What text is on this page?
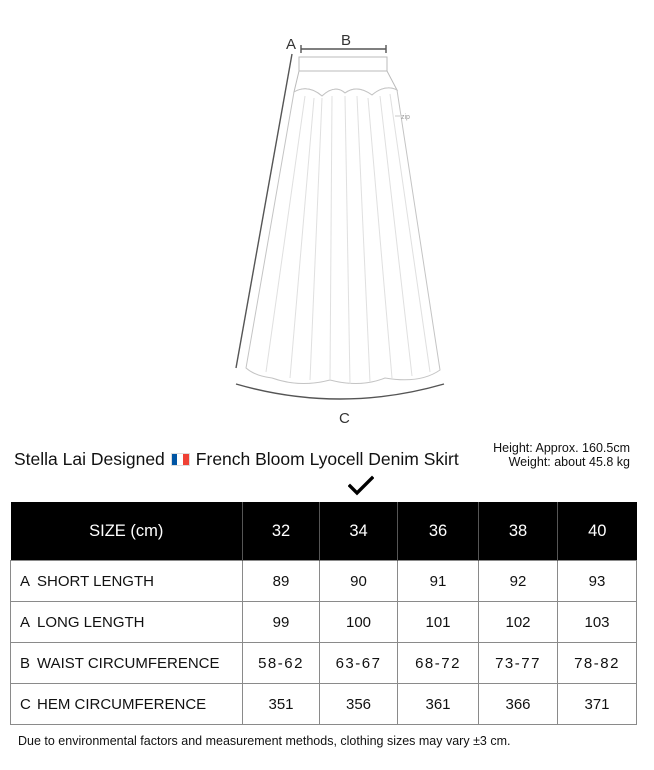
zip
B
A
C
Stella Lai Designed French Bloom Lyocell Denim Skirt
Height: Approx. 160.5cm
Weight: about 45.8 kg
SIZE (cm)	32	34	36	38	40
A SHORT LENGTH	89	90	91	92	93
A LONG LENGTH	99	100	101	102	103
B WAIST CIRCUMFERENCE	58-62	63-67	68-72	73-77	78-82
C HEM CIRCUMFERENCE	351	356	361	366	371
Due to environmental factors and measurement methods, clothing sizes may vary ±3 cm.
